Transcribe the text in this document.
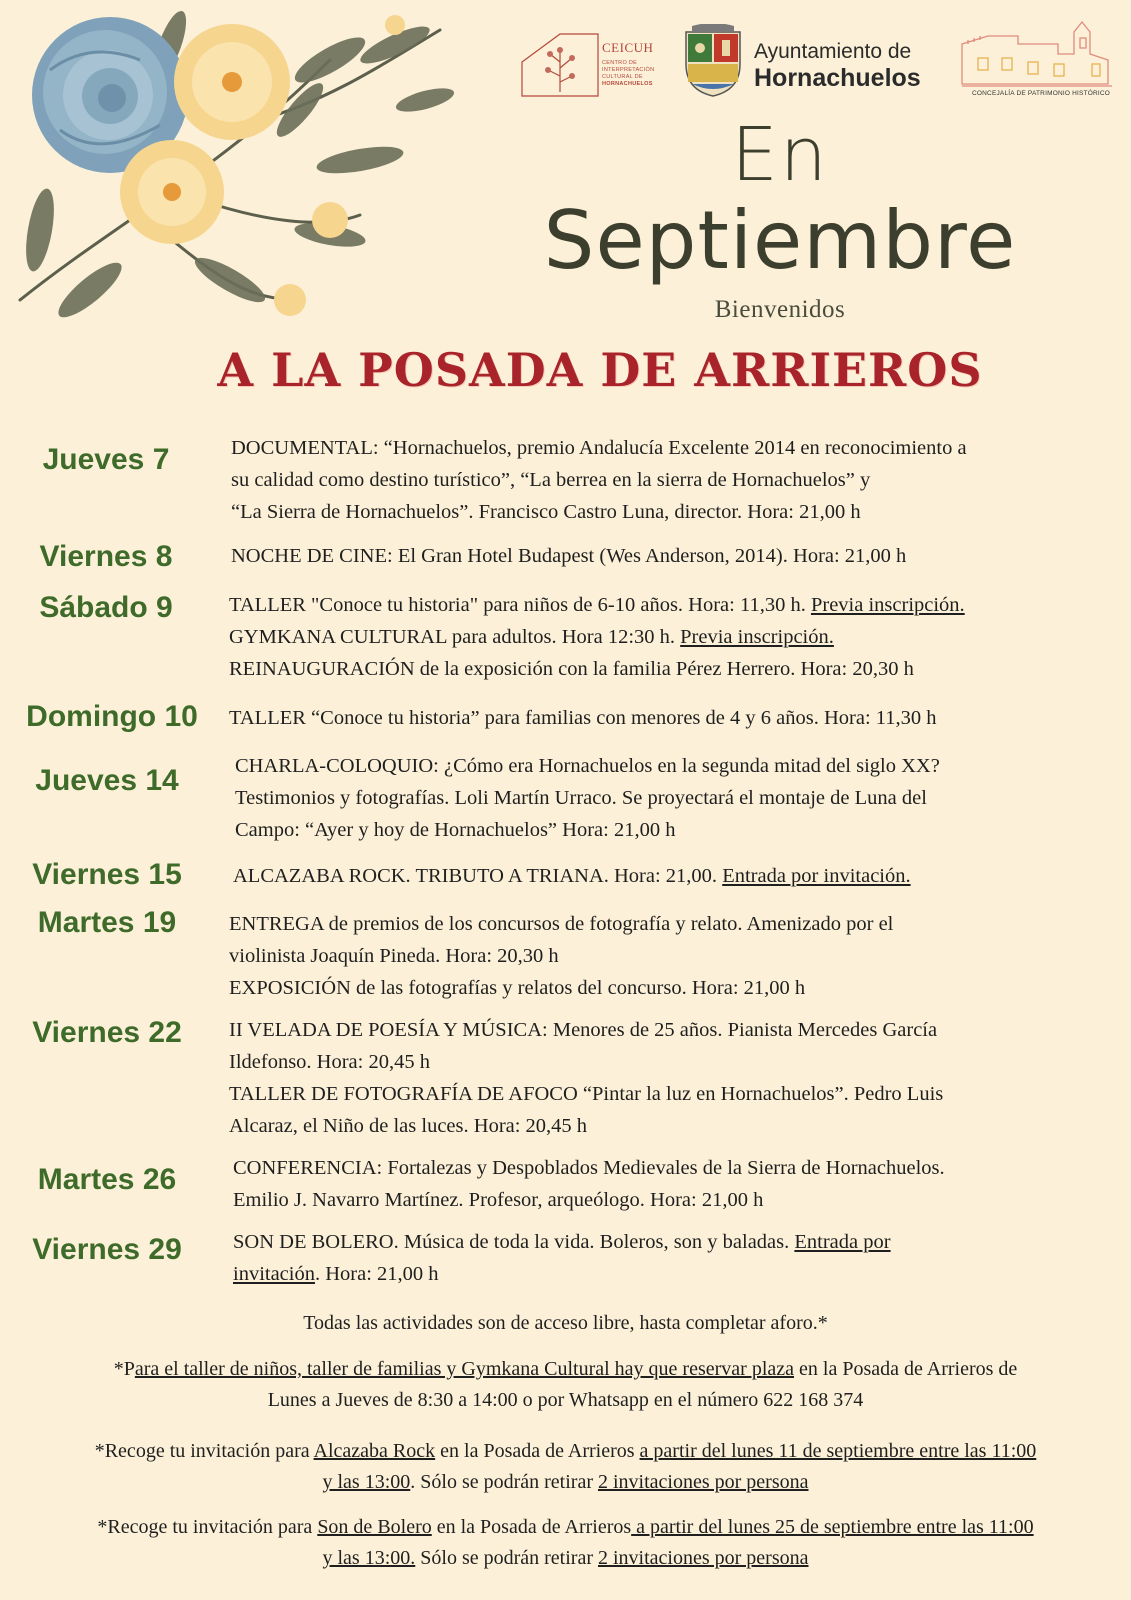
CEICUH
CENTRO DE
INTERPRETACIÓN
CULTURAL DE
HORNACHUELOS
Ayuntamiento de
Hornachuelos
CONCEJALÍA DE PATRIMONIO HISTÓRICO
En
Septiembre
Bienvenidos
A LA POSADA DE ARRIEROS
Jueves 7	DOCUMENTAL: “Hornachuelos, premio Andalucía Excelente 2014 en reconocimiento a
su calidad como destino turístico”, “La berrea en la sierra de Hornachuelos” y
“La Sierra de Hornachuelos”. Francisco Castro Luna, director. Hora: 21,00 h
Viernes 8	NOCHE DE CINE: El Gran Hotel Budapest (Wes Anderson, 2014). Hora: 21,00 h
Sábado 9	TALLER "Conoce tu historia" para niños de 6-10 años. Hora: 11,30 h. Previa inscripción.
GYMKANA CULTURAL para adultos. Hora 12:30 h. Previa inscripción.
REINAUGURACIÓN de la exposición con la familia Pérez Herrero. Hora: 20,30 h
Domingo 10	TALLER “Conoce tu historia” para familias con menores de 4 y 6 años. Hora: 11,30 h
Jueves 14	CHARLA-COLOQUIO: ¿Cómo era Hornachuelos en la segunda mitad del siglo XX?
Testimonios y fotografías. Loli Martín Urraco. Se proyectará el montaje de Luna del
Campo: “Ayer y hoy de Hornachuelos” Hora: 21,00 h
Viernes 15	ALCAZABA ROCK. TRIBUTO A TRIANA. Hora: 21,00. Entrada por invitación.
Martes 19	ENTREGA de premios de los concursos de fotografía y relato. Amenizado por el
violinista Joaquín Pineda. Hora: 20,30 h
EXPOSICIÓN de las fotografías y relatos del concurso. Hora: 21,00 h
Viernes 22	II VELADA DE POESÍA Y MÚSICA: Menores de 25 años. Pianista Mercedes García
Ildefonso. Hora: 20,45 h
TALLER DE FOTOGRAFÍA DE AFOCO “Pintar la luz en Hornachuelos”. Pedro Luis
Alcaraz, el Niño de las luces. Hora: 20,45 h
Martes 26	CONFERENCIA: Fortalezas y Despoblados Medievales de la Sierra de Hornachuelos.
Emilio J. Navarro Martínez. Profesor, arqueólogo. Hora: 21,00 h
Viernes 29	SON DE BOLERO. Música de toda la vida. Boleros, son y baladas. Entrada por
invitación. Hora: 21,00 h
Todas las actividades son de acceso libre, hasta completar aforo.*
*Para el taller de niños, taller de familias y Gymkana Cultural hay que reservar plaza en la Posada de Arrieros de
Lunes a Jueves de 8:30 a 14:00 o por Whatsapp en el número 622 168 374
*Recoge tu invitación para Alcazaba Rock en la Posada de Arrieros a partir del lunes 11 de septiembre entre las 11:00
y las 13:00. Sólo se podrán retirar 2 invitaciones por persona
*Recoge tu invitación para Son de Bolero en la Posada de Arrieros a partir del lunes 25 de septiembre entre las 11:00
y las 13:00. Sólo se podrán retirar 2 invitaciones por persona
